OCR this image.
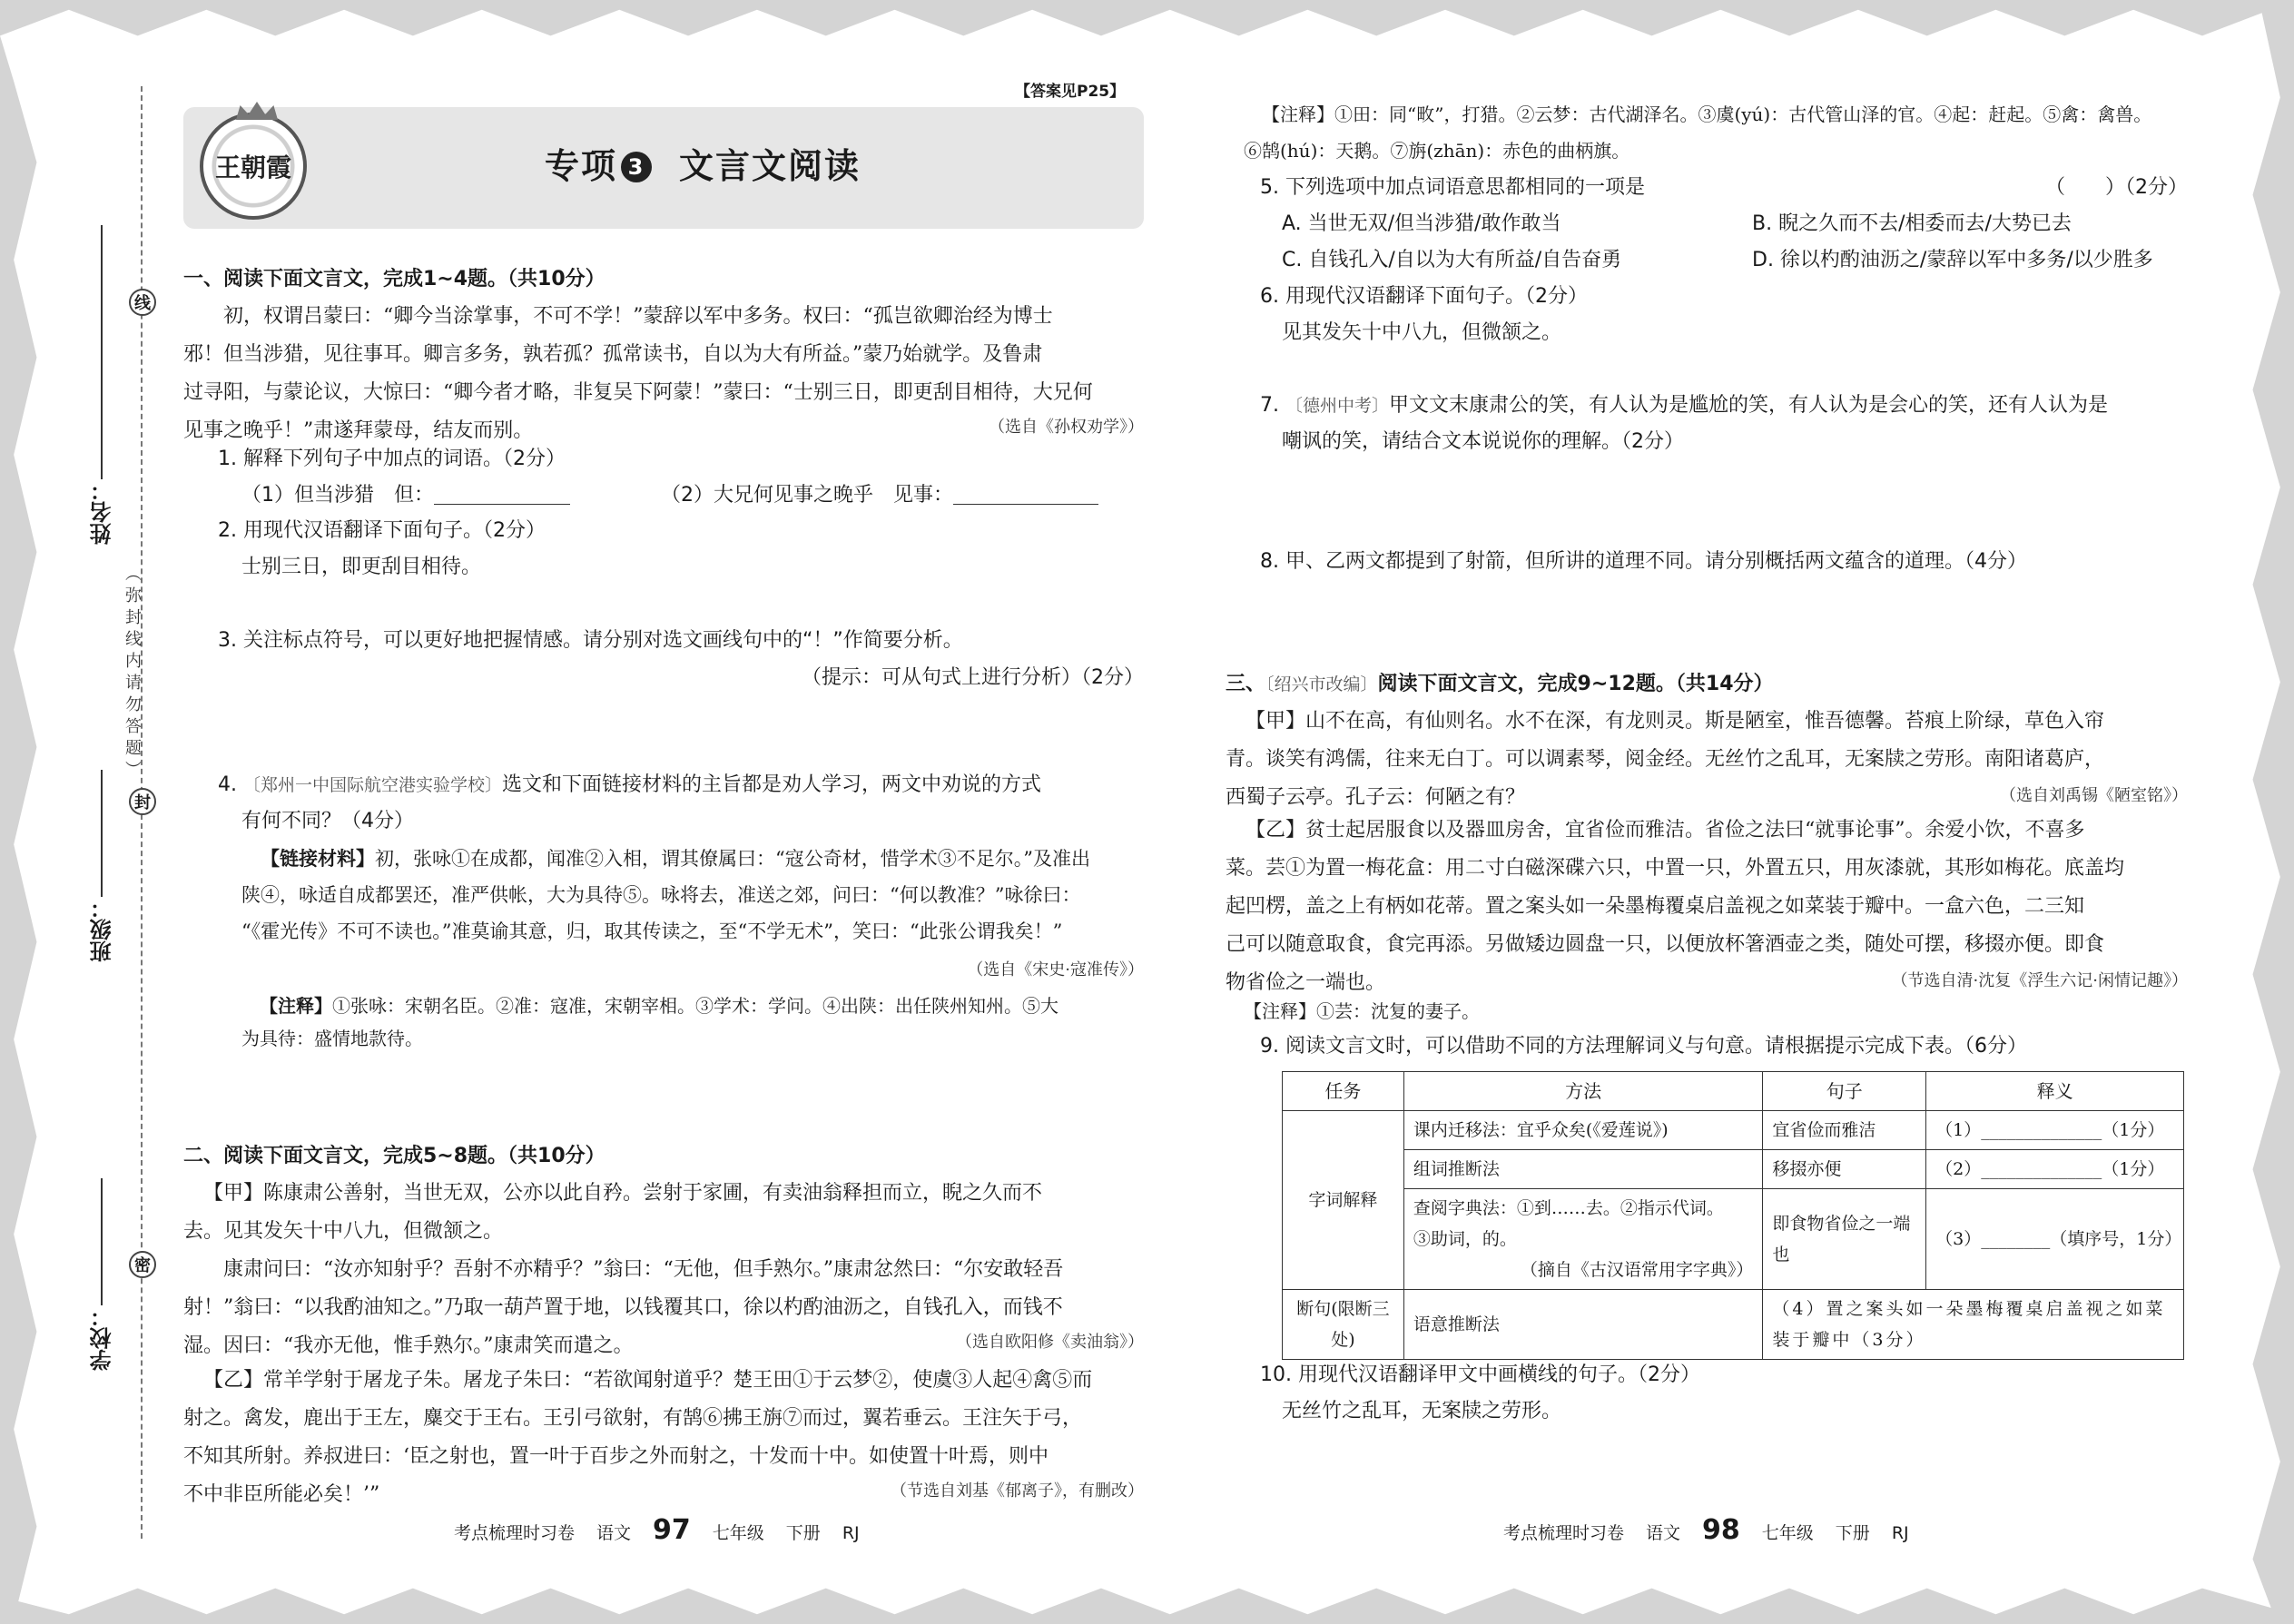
学校：
班级：
姓名：
线
封
密
（弥封线内请勿答题）
【答案见P25】
王朝霞	专项 3 文言文阅读
一、阅读下面文言文，完成1~4题。（共10分）
初，权谓吕蒙曰：“卿今当涂掌事，不可不学！”蒙辞以军中多务。权曰：“孤岂欲卿治经为博士
邪！但当涉猎，见往事耳。卿言多务，孰若孤？孤常读书，自以为大有所益。”蒙乃始就学。及鲁肃
过寻阳，与蒙论议，大惊曰：“卿今者才略，非复吴下阿蒙！”蒙曰：“士别三日，即更刮目相待，大兄何
见事之晚乎！”肃遂拜蒙母，结友而别。	（选自《孙权劝学》）
1. 解释下列句子中加点的词语。（2分）
（1）但当涉猎　但：	（2）大兄何见事之晚乎　见事：
2. 用现代汉语翻译下面句子。（2分）
士别三日，即更刮目相待。
3. 关注标点符号，可以更好地把握情感。请分别对选文画线句中的“！”作简要分析。
（提示：可从句式上进行分析）（2分）
4. 〔郑州一中国际航空港实验学校〕选文和下面链接材料的主旨都是劝人学习，两文中劝说的方式
有何不同？（4分）
【链接材料】初，张咏①在成都，闻准②入相，谓其僚属曰：“寇公奇材，惜学术③不足尔。”及准出
陕④，咏适自成都罢还，准严供帐，大为具待⑤。咏将去，准送之郊，问曰：“何以教准？”咏徐曰：
“《霍光传》不可不读也。”准莫谕其意，归，取其传读之，至“不学无术”，笑曰：“此张公谓我矣！”
（选自《宋史·寇准传》）
【注释】①张咏：宋朝名臣。②准：寇准，宋朝宰相。③学术：学问。④出陕：出任陕州知州。⑤大
为具待：盛情地款待。
二、阅读下面文言文，完成5~8题。（共10分）
【甲】陈康肃公善射，当世无双，公亦以此自矜。尝射于家圃，有卖油翁释担而立，睨之久而不
去。见其发矢十中八九，但微颔之。
康肃问曰：“汝亦知射乎？吾射不亦精乎？”翁曰：“无他，但手熟尔。”康肃忿然曰：“尔安敢轻吾
射！”翁曰：“以我酌油知之。”乃取一葫芦置于地，以钱覆其口，徐以杓酌油沥之，自钱孔入，而钱不
湿。因曰：“我亦无他，惟手熟尔。”康肃笑而遣之。	（选自欧阳修《卖油翁》）
【乙】常羊学射于屠龙子朱。屠龙子朱曰：“若欲闻射道乎？楚王田①于云梦②，使虞③人起④禽⑤而
射之。禽发，鹿出于王左，麋交于王右。王引弓欲射，有鹄⑥拂王旃⑦而过，翼若垂云。王注矢于弓，
不知其所射。养叔进曰：‘臣之射也，置一叶于百步之外而射之，十发而十中。如使置十叶焉，则中
不中非臣所能必矣！’”	（节选自刘基《郁离子》，有删改）
考点梳理时习卷 语文 97 七年级 下册 RJ
【注释】①田：同“畋”，打猎。②云梦：古代湖泽名。③虞(yú)：古代管山泽的官。④起：赶起。⑤禽：禽兽。
⑥鹄(hú)：天鹅。⑦旃(zhān)：赤色的曲柄旗。
5. 下列选项中加点词语意思都相同的一项是	（　　）（2分）
A. 当世无双/但当涉猎/敢作敢当	B. 睨之久而不去/相委而去/大势已去
C. 自钱孔入/自以为大有所益/自告奋勇	D. 徐以杓酌油沥之/蒙辞以军中多务/以少胜多
6. 用现代汉语翻译下面句子。（2分）
见其发矢十中八九，但微颔之。
7. 〔德州中考〕甲文文末康肃公的笑，有人认为是尴尬的笑，有人认为是会心的笑，还有人认为是
嘲讽的笑，请结合文本说说你的理解。（2分）
8. 甲、乙两文都提到了射箭，但所讲的道理不同。请分别概括两文蕴含的道理。（4分）
三、〔绍兴市改编〕阅读下面文言文，完成9~12题。（共14分）
【甲】山不在高，有仙则名。水不在深，有龙则灵。斯是陋室，惟吾德馨。苔痕上阶绿，草色入帘
青。谈笑有鸿儒，往来无白丁。可以调素琴，阅金经。无丝竹之乱耳，无案牍之劳形。南阳诸葛庐，
西蜀子云亭。孔子云：何陋之有？	（选自刘禹锡《陋室铭》）
【乙】贫士起居服食以及器皿房舍，宜省俭而雅洁。省俭之法曰“就事论事”。余爱小饮，不喜多
菜。芸①为置一梅花盒：用二寸白磁深碟六只，中置一只，外置五只，用灰漆就，其形如梅花。底盖均
起凹楞，盖之上有柄如花蒂。置之案头如一朵墨梅覆桌启盖视之如菜装于瓣中。一盒六色，二三知
己可以随意取食，食完再添。另做矮边圆盘一只，以便放杯箸酒壶之类，随处可摆，移掇亦便。即食
物省俭之一端也。	（节选自清·沈复《浮生六记·闲情记趣》）
【注释】①芸：沈复的妻子。
9. 阅读文言文时，可以借助不同的方法理解词义与句意。请根据提示完成下表。（6分）
任务	方法	句子	释义
字词解释	课内迁移法：宜乎众矣(《爱莲说》)	宜省俭而雅洁	（1）______________（1分）
	组词推断法	移掇亦便	（2）______________（1分）

	查阅字典法：①到……去。②指示代词。
③助词，的。
（摘自《古汉语常用字字典》）	即食物省俭之一端也	（3）________（填序号，1分）
断句(限断三处)	语意推断法	（4）置之案头如一朵墨梅覆桌启盖视之如菜装于瓣中（3分）	
10. 用现代汉语翻译甲文中画横线的句子。（2分）
无丝竹之乱耳，无案牍之劳形。
考点梳理时习卷 语文 98 七年级 下册 RJ
